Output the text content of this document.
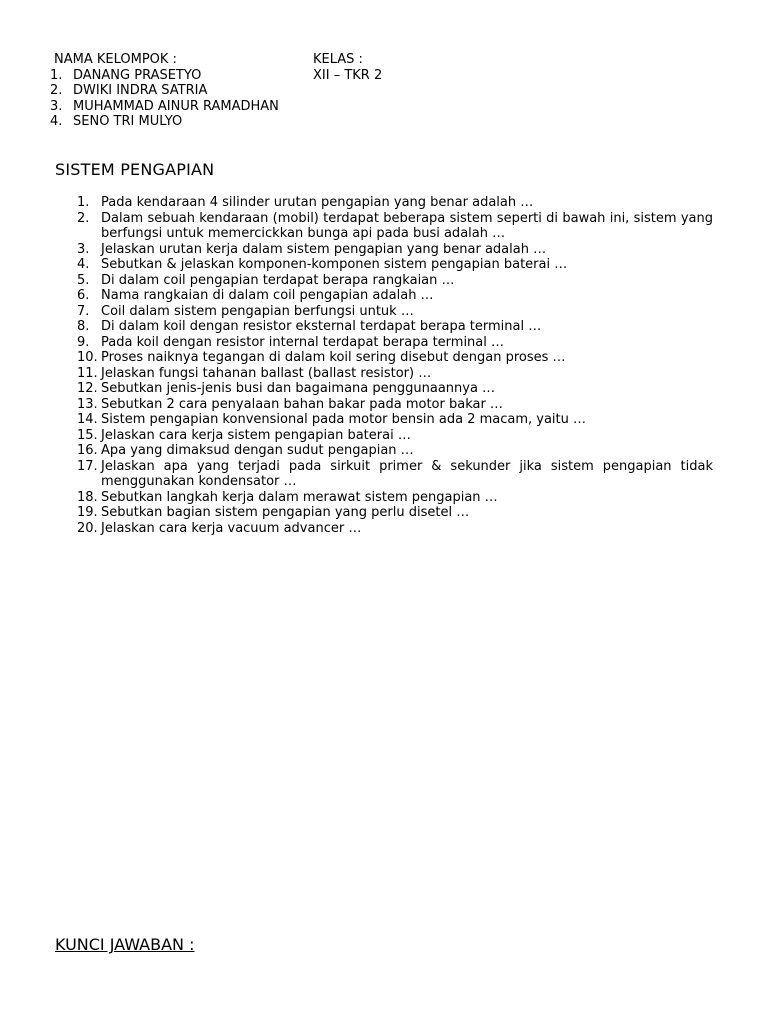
NAMA KELOMPOK :
1. DANANG PRASETYO
2. DWIKI INDRA SATRIA
3. MUHAMMAD AINUR RAMADHAN
4. SENO TRI MULYO
KELAS :
XII – TKR 2
SISTEM PENGAPIAN
1. Pada kendaraan 4 silinder urutan pengapian yang benar adalah …
2. Dalam sebuah kendaraan (mobil) terdapat beberapa sistem seperti di bawah ini, sistem yang berfungsi untuk memercickkan bunga api pada busi adalah …
3. Jelaskan urutan kerja dalam sistem pengapian yang benar adalah …
4. Sebutkan & jelaskan komponen-komponen sistem pengapian baterai …
5. Di dalam coil pengapian terdapat berapa rangkaian …
6. Nama rangkaian di dalam coil pengapian adalah …
7. Coil dalam sistem pengapian berfungsi untuk …
8. Di dalam koil dengan resistor eksternal terdapat berapa terminal …
9. Pada koil dengan resistor internal terdapat berapa terminal …
10. Proses naiknya tegangan di dalam koil sering disebut dengan proses …
11. Jelaskan fungsi tahanan ballast (ballast resistor) …
12. Sebutkan jenis-jenis busi dan bagaimana penggunaannya …
13. Sebutkan 2 cara penyalaan bahan bakar pada motor bakar …
14. Sistem pengapian konvensional pada motor bensin ada 2 macam, yaitu …
15. Jelaskan cara kerja sistem pengapian baterai …
16. Apa yang dimaksud dengan sudut pengapian …
17. Jelaskan apa yang terjadi pada sirkuit primer & sekunder jika sistem pengapian tidak menggunakan kondensator …
18. Sebutkan langkah kerja dalam merawat sistem pengapian …
19. Sebutkan bagian sistem pengapian yang perlu disetel …
20. Jelaskan cara kerja vacuum advancer …
KUNCI JAWABAN :
